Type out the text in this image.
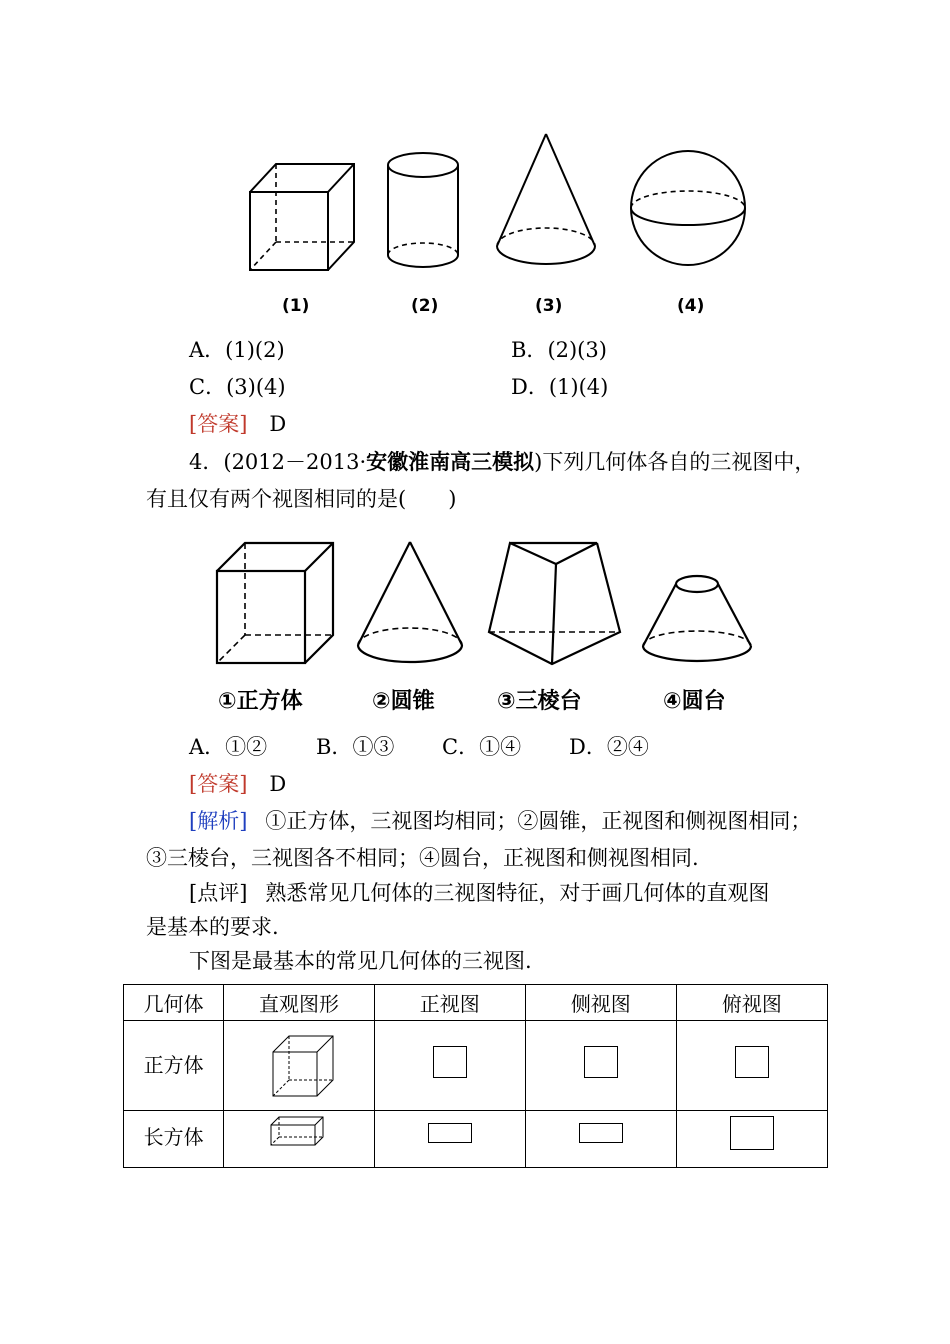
(1)	(2)	(3)	(4)
A．(1)(2)	B．(2)(3)
C．(3)(4)	D．(1)(4)
[答案] D
4．(2012－2013·安徽淮南高三模拟)下列几何体各自的三视图中，
有且仅有两个视图相同的是(　　)
①正方体	②圆锥	③三棱台	④圆台
A．①② B．①③ C．①④ D．②④
[答案] D
[解析] ①正方体，三视图均相同；②圆锥，正视图和侧视图相同；
③三棱台，三视图各不相同；④圆台，正视图和侧视图相同.
[点评] 熟悉常见几何体的三视图特征，对于画几何体的直观图
是基本的要求.
下图是最基本的常见几何体的三视图.
几何体	直观图形	正视图	侧视图	俯视图
正方体		

长方体		
